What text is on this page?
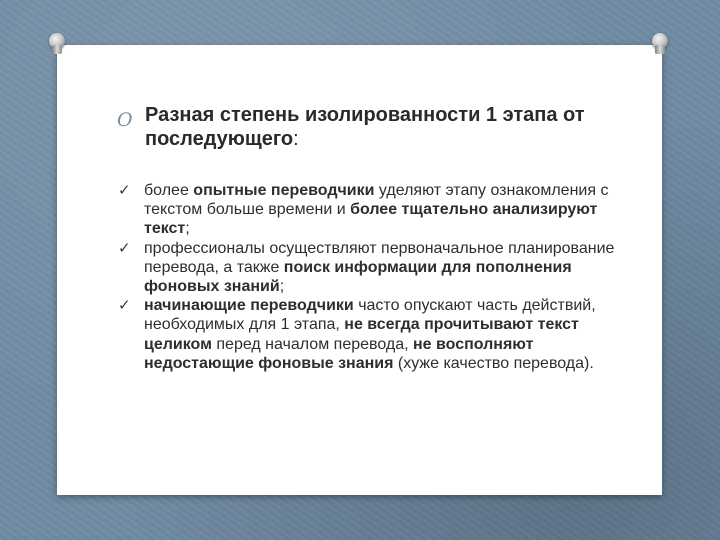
O Разная степень изолированности 1 этапа от последующего:
✓ более опытные переводчики уделяют этапу ознакомления с текстом больше времени и более тщательно анализируют текст;
✓ профессионалы осуществляют первоначальное планирование перевода, а также поиск информации для пополнения фоновых знаний;
✓ начинающие переводчики часто опускают часть действий, необходимых для 1 этапа, не всегда прочитывают текст целиком перед началом перевода, не восполняют недостающие фоновые знания (хуже качество перевода).
